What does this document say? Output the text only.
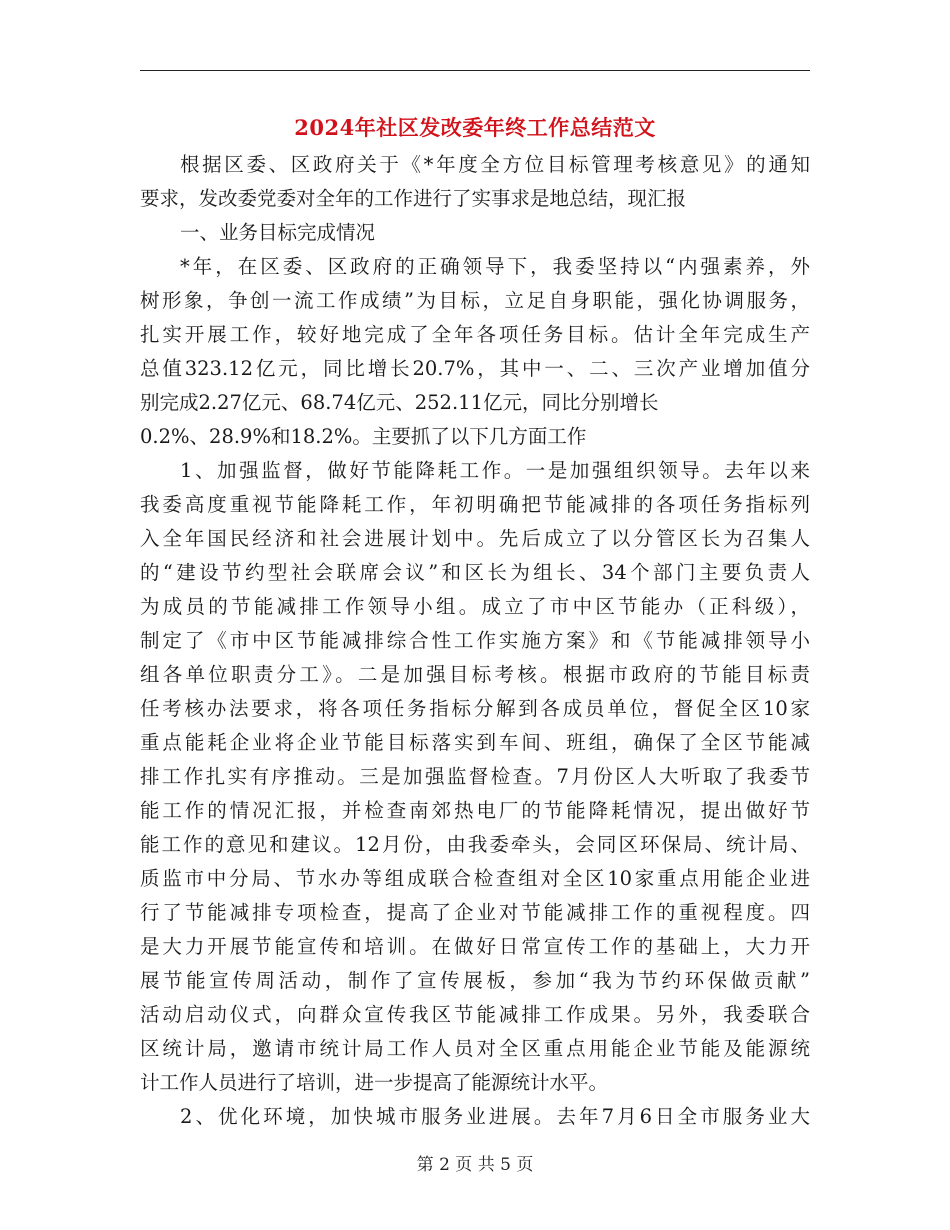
2024年社区发改委年终工作总结范文
根据区委、区政府关于《*年度全方位目标管理考核意见》的通知
要求，发改委党委对全年的工作进行了实事求是地总结，现汇报
一、业务目标完成情况
*年，在区委、区政府的正确领导下，我委坚持以“内强素养，外
树形象，争创一流工作成绩”为目标，立足自身职能，强化协调服务，
扎实开展工作，较好地完成了全年各项任务目标。估计全年完成生产
总值323.12亿元，同比增长20.7%，其中一、二、三次产业增加值分
别完成2.27亿元、68.74亿元、252.11亿元，同比分别增长
0.2%、28.9%和18.2%。主要抓了以下几方面工作
1、加强监督，做好节能降耗工作。一是加强组织领导。去年以来
我委高度重视节能降耗工作，年初明确把节能减排的各项任务指标列
入全年国民经济和社会进展计划中。先后成立了以分管区长为召集人
的“建设节约型社会联席会议”和区长为组长、34个部门主要负责人
为成员的节能减排工作领导小组。成立了市中区节能办（正科级），
制定了《市中区节能减排综合性工作实施方案》和《节能减排领导小
组各单位职责分工》。二是加强目标考核。根据市政府的节能目标责
任考核办法要求，将各项任务指标分解到各成员单位，督促全区10家
重点能耗企业将企业节能目标落实到车间、班组，确保了全区节能减
排工作扎实有序推动。三是加强监督检查。7月份区人大听取了我委节
能工作的情况汇报，并检查南郊热电厂的节能降耗情况，提出做好节
能工作的意见和建议。12月份，由我委牵头，会同区环保局、统计局、
质监市中分局、节水办等组成联合检查组对全区10家重点用能企业进
行了节能减排专项检查，提高了企业对节能减排工作的重视程度。四
是大力开展节能宣传和培训。在做好日常宣传工作的基础上，大力开
展节能宣传周活动，制作了宣传展板，参加“我为节约环保做贡献”
活动启动仪式，向群众宣传我区节能减排工作成果。另外，我委联合
区统计局，邀请市统计局工作人员对全区重点用能企业节能及能源统
计工作人员进行了培训，进一步提高了能源统计水平。
2、优化环境，加快城市服务业进展。去年7月6日全市服务业大
第 2 页 共 5 页
